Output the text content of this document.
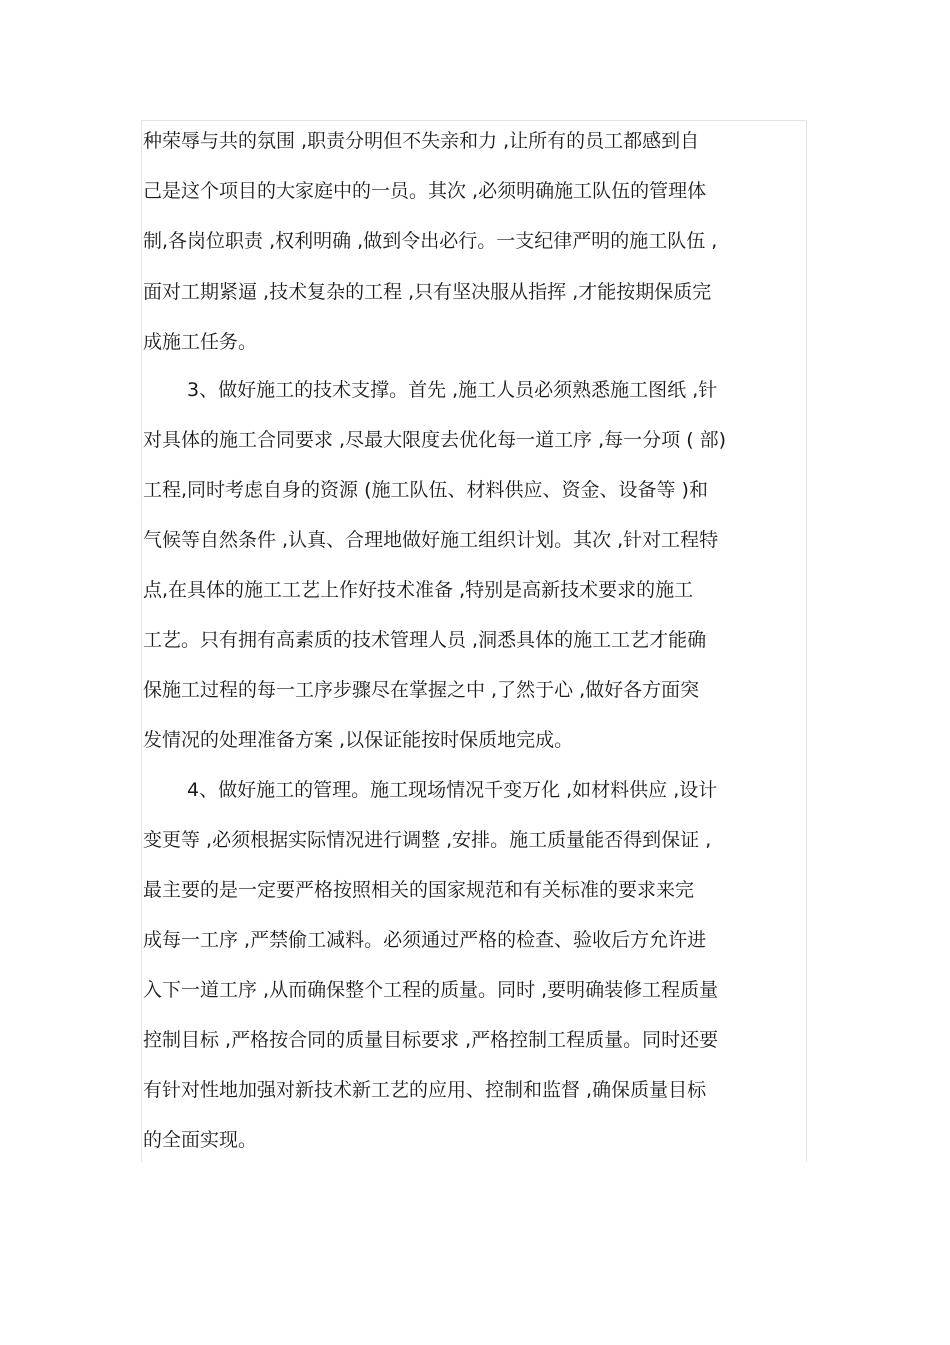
种荣辱与共的氛围 ,职责分明但不失亲和力 ,让所有的员工都感到自
己是这个项目的大家庭中的一员。其次 ,必须明确施工队伍的管理体
制,各岗位职责 ,权利明确 ,做到令出必行。一支纪律严明的施工队伍 ,
面对工期紧逼 ,技术复杂的工程 ,只有坚决服从指挥 ,才能按期保质完
成施工任务。
3、做好施工的技术支撑。首先 ,施工人员必须熟悉施工图纸 ,针
对具体的施工合同要求 ,尽最大限度去优化每一道工序 ,每一分项 ( 部)
工程,同时考虑自身的资源 (施工队伍、材料供应、资金、设备等 )和
气候等自然条件 ,认真、合理地做好施工组织计划。其次 ,针对工程特
点,在具体的施工工艺上作好技术准备 ,特别是高新技术要求的施工
工艺。只有拥有高素质的技术管理人员 ,洞悉具体的施工工艺才能确
保施工过程的每一工序步骤尽在掌握之中 ,了然于心 ,做好各方面突
发情况的处理准备方案 ,以保证能按时保质地完成。
4、做好施工的管理。施工现场情况千变万化 ,如材料供应 ,设计
变更等 ,必须根据实际情况进行调整 ,安排。施工质量能否得到保证 ,
最主要的是一定要严格按照相关的国家规范和有关标准的要求来完
成每一工序 ,严禁偷工减料。必须通过严格的检查、验收后方允许进
入下一道工序 ,从而确保整个工程的质量。同时 ,要明确装修工程质量
控制目标 ,严格按合同的质量目标要求 ,严格控制工程质量。同时还要
有针对性地加强对新技术新工艺的应用、控制和监督 ,确保质量目标
的全面实现。
